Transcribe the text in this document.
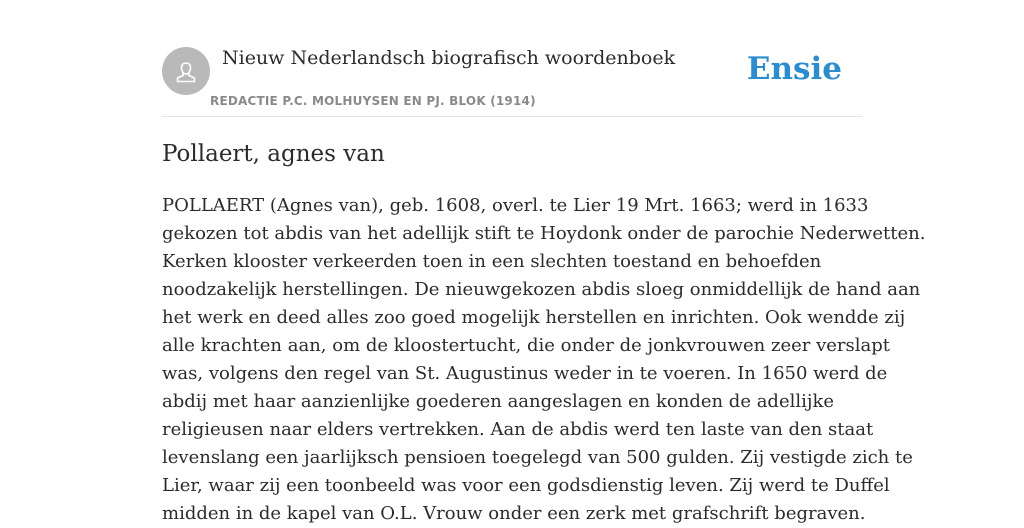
Nieuw Nederlandsch biografisch woordenboek
REDACTIE P.C. MOLHUYSEN EN PJ. BLOK (1914)
Ensie
Pollaert, agnes van
POLLAERT (Agnes van), geb. 1608, overl. te Lier 19 Mrt. 1663; werd in 1633
gekozen tot abdis van het adellijk stift te Hoydonk onder de parochie Nederwetten.
Kerken klooster verkeerden toen in een slechten toestand en behoefden
noodzakelijk herstellingen. De nieuwgekozen abdis sloeg onmiddellijk de hand aan
het werk en deed alles zoo goed mogelijk herstellen en inrichten. Ook wendde zij
alle krachten aan, om de kloostertucht, die onder de jonkvrouwen zeer verslapt
was, volgens den regel van St. Augustinus weder in te voeren. In 1650 werd de
abdij met haar aanzienlijke goederen aangeslagen en konden de adellijke
religieusen naar elders vertrekken. Aan de abdis werd ten laste van den staat
levenslang een jaarlijksch pensioen toegelegd van 500 gulden. Zij vestigde zich te
Lier, waar zij een toonbeeld was voor een godsdienstig leven. Zij werd te Duffel
midden in de kapel van O.L. Vrouw onder een zerk met grafschrift begraven.
